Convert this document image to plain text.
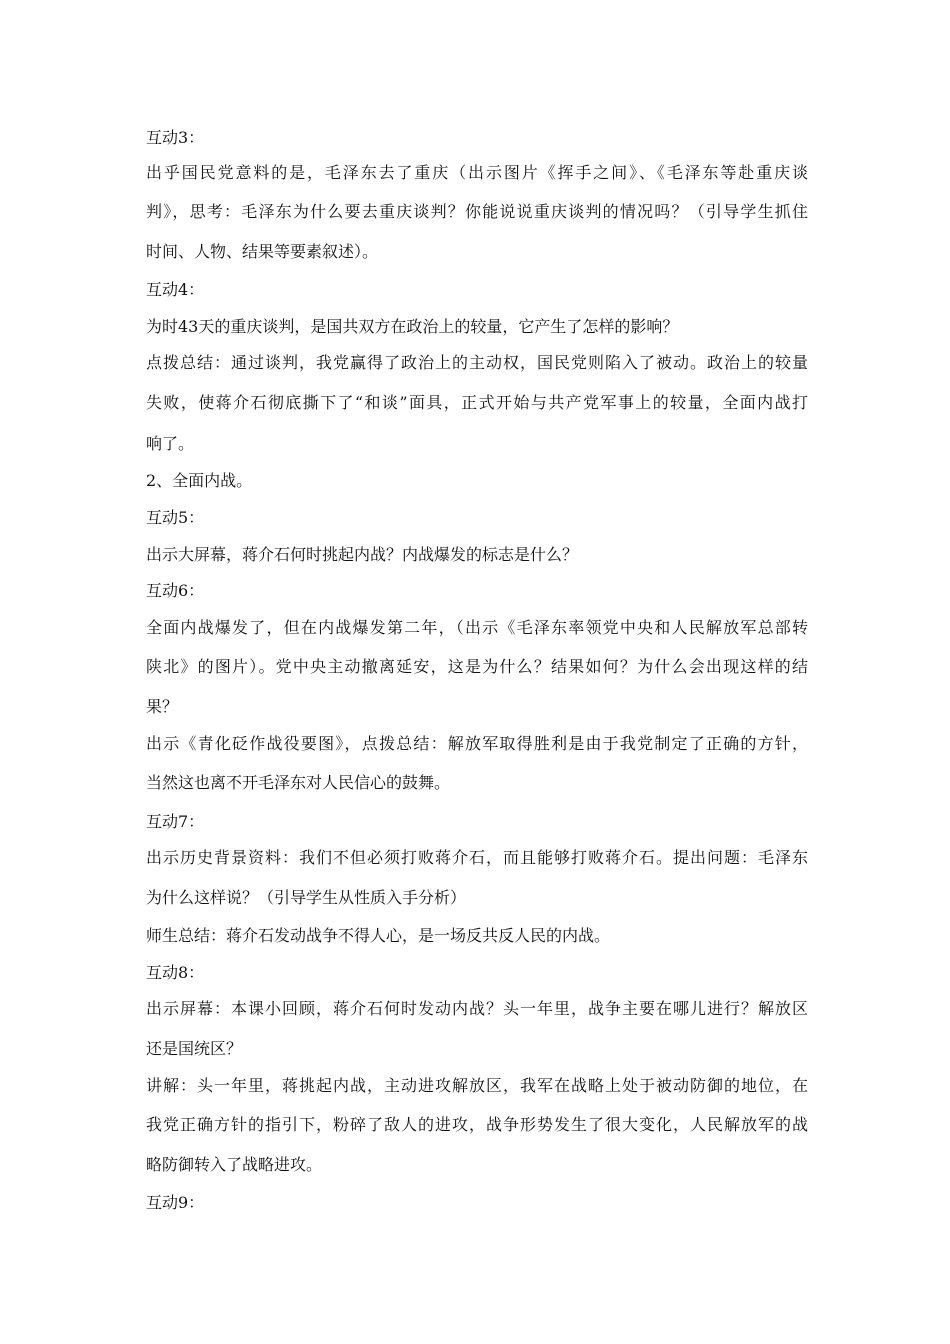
互动3：
出乎国民党意料的是，毛泽东去了重庆（出示图片《挥手之间》、《毛泽东等赴重庆谈
判》，思考：毛泽东为什么要去重庆谈判？你能说说重庆谈判的情况吗？（引导学生抓住
时间、人物、结果等要素叙述）。
互动4：
为时43天的重庆谈判，是国共双方在政治上的较量，它产生了怎样的影响？
点拨总结：通过谈判，我党赢得了政治上的主动权，国民党则陷入了被动。政治上的较量
失败，使蒋介石彻底撕下了“和谈”面具，正式开始与共产党军事上的较量，全面内战打
响了。
2、全面内战。
互动5：
出示大屏幕，蒋介石何时挑起内战？内战爆发的标志是什么？
互动6：
全面内战爆发了，但在内战爆发第二年，（出示《毛泽东率领党中央和人民解放军总部转
陕北》的图片）。党中央主动撤离延安，这是为什么？结果如何？为什么会出现这样的结
果？
出示《青化砭作战役要图》，点拨总结：解放军取得胜利是由于我党制定了正确的方针，
当然这也离不开毛泽东对人民信心的鼓舞。
互动7：
出示历史背景资料：我们不但必须打败蒋介石，而且能够打败蒋介石。提出问题：毛泽东
为什么这样说？（引导学生从性质入手分析）
师生总结：蒋介石发动战争不得人心，是一场反共反人民的内战。
互动8：
出示屏幕：本课小回顾，蒋介石何时发动内战？头一年里，战争主要在哪儿进行？解放区
还是国统区？
讲解：头一年里，蒋挑起内战，主动进攻解放区，我军在战略上处于被动防御的地位，在
我党正确方针的指引下，粉碎了敌人的进攻，战争形势发生了很大变化，人民解放军的战
略防御转入了战略进攻。
互动9：
